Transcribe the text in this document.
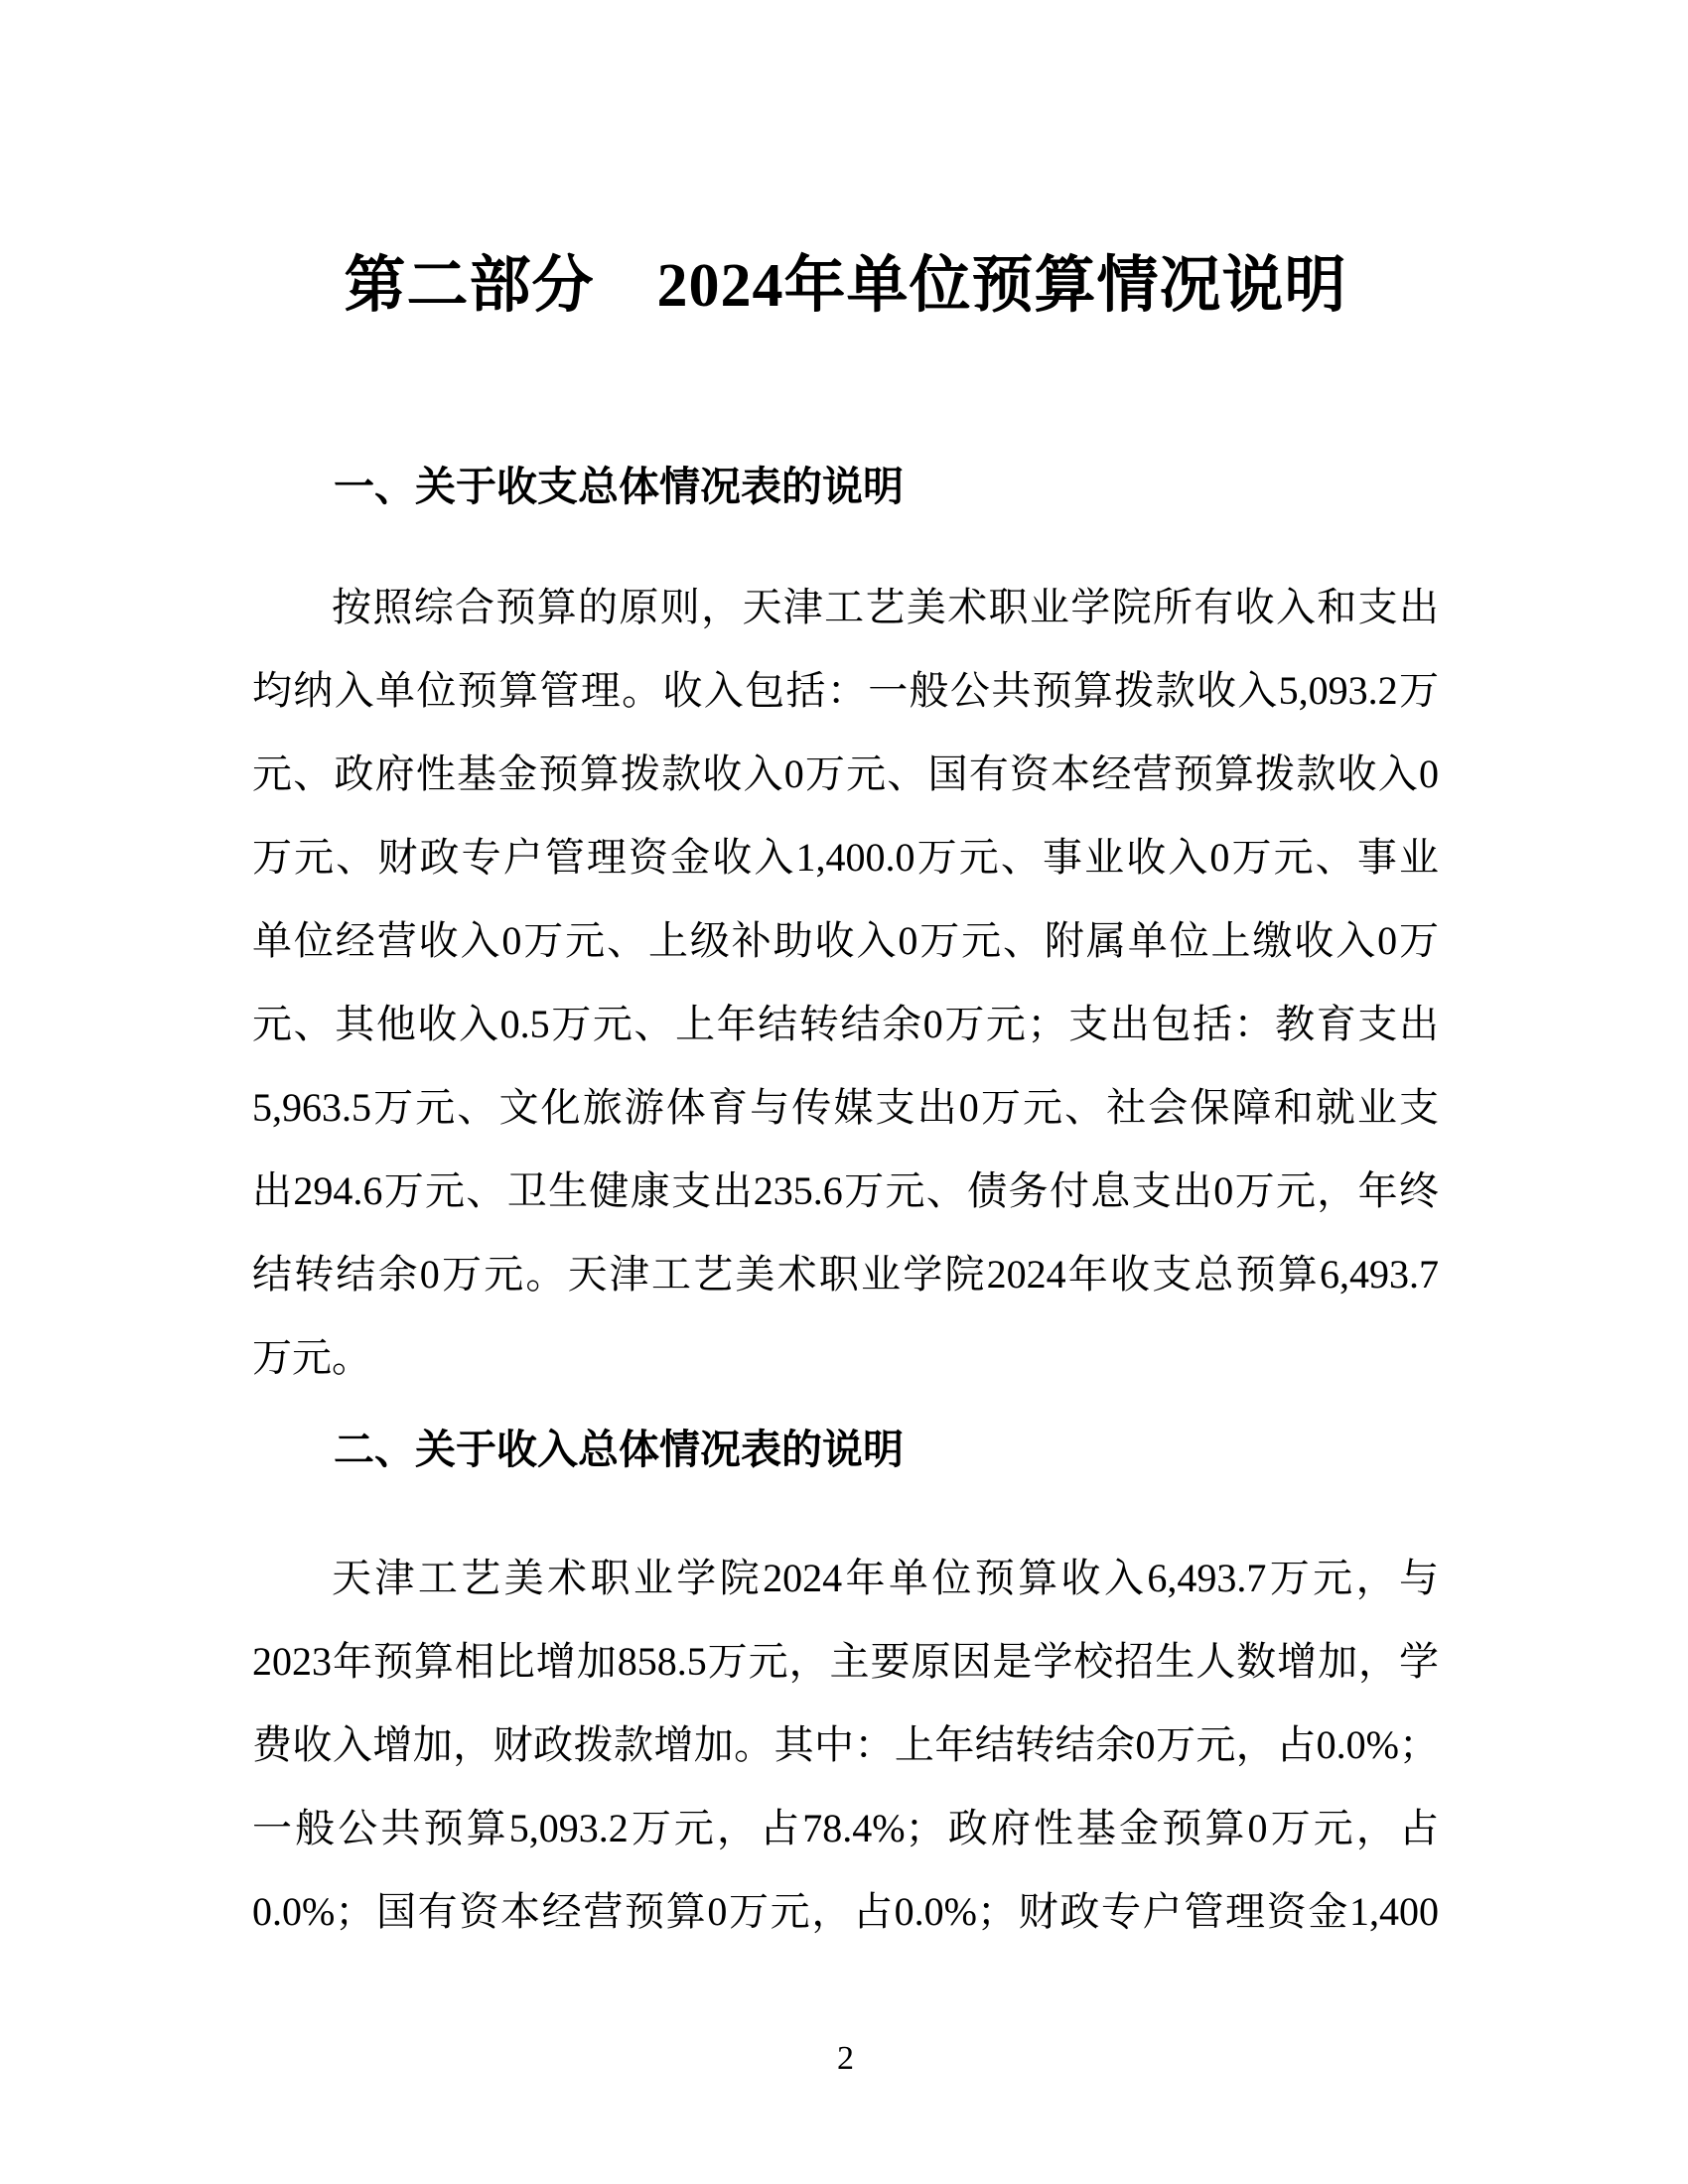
第二部分　2024年单位预算情况说明
一、关于收支总体情况表的说明
按照综合预算的原则，天津工艺美术职业学院所有收入和支出
均纳入单位预算管理。收入包括：一般公共预算拨款收入5,093.2万
元、政府性基金预算拨款收入0万元、国有资本经营预算拨款收入0
万元、财政专户管理资金收入1,400.0万元、事业收入0万元、事业
单位经营收入0万元、上级补助收入0万元、附属单位上缴收入0万
元、其他收入0.5万元、上年结转结余0万元；支出包括：教育支出
5,963.5万元、文化旅游体育与传媒支出0万元、社会保障和就业支
出294.6万元、卫生健康支出235.6万元、债务付息支出0万元，年终
结转结余0万元。天津工艺美术职业学院2024年收支总预算6,493.7
万元。
二、关于收入总体情况表的说明
天津工艺美术职业学院2024年单位预算收入6,493.7万元，与
2023年预算相比增加858.5万元，主要原因是学校招生人数增加，学
费收入增加，财政拨款增加。其中：上年结转结余0万元，占0.0%；
一般公共预算5,093.2万元，占78.4%；政府性基金预算0万元，占
0.0%；国有资本经营预算0万元，占0.0%；财政专户管理资金1,400
2
